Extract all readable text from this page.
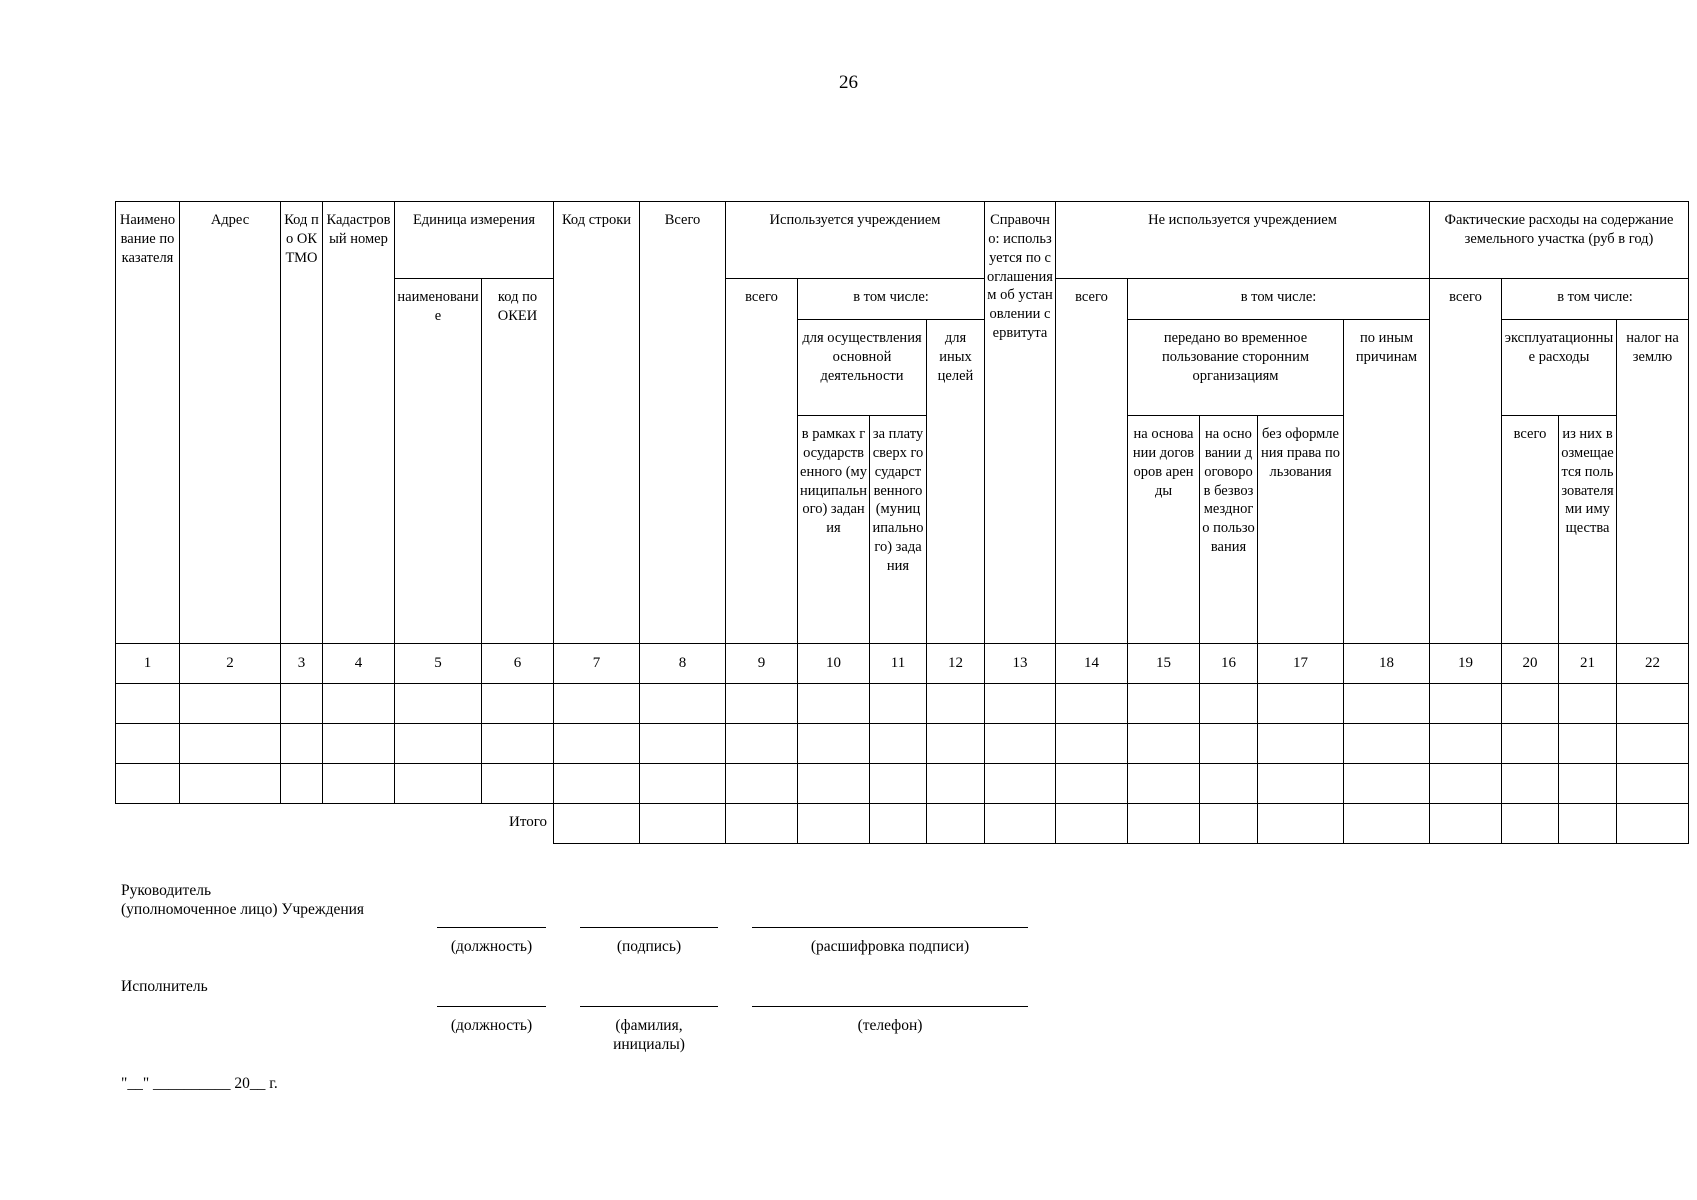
26
Наименование показателя	Адрес	Код по ОКТМО	Кадастровый номер	Единица измерения		Код строки	Всего	Используется учреждением				Справочно: используется по соглашениям об установлении сервитута	Не используется учреждением					Фактические расходы на содержание земельного участка (руб в год)			
				наименование	код по ОКЕИ			всего	в том числе:				всего	в том числе:				всего	в том числе:		
									для осуществления основной деятельности		для иных целей			передано во временное пользование сторонним организациям			по иным причинам		эксплуатационные расходы		налог на землю
									в рамках государственного (муниципального) задания	за плату сверх государственного (муниципального) задания				на основании договоров аренды	на основании договоров безвозмездного пользования	без оформления права пользования			всего	из них возмещается пользователями имущества	
1	2	3	4	5	6	7	8	9	10	11	12	13	14	15	16	17	18	19	20	21	22

Итого																					
Руководитель
(уполномоченное лицо) Учреждения
(должность)	(подпись)	(расшифровка подписи)
Исполнитель
(должность)	(фамилия, инициалы)
(телефон)
"__" __________ 20__ г.
